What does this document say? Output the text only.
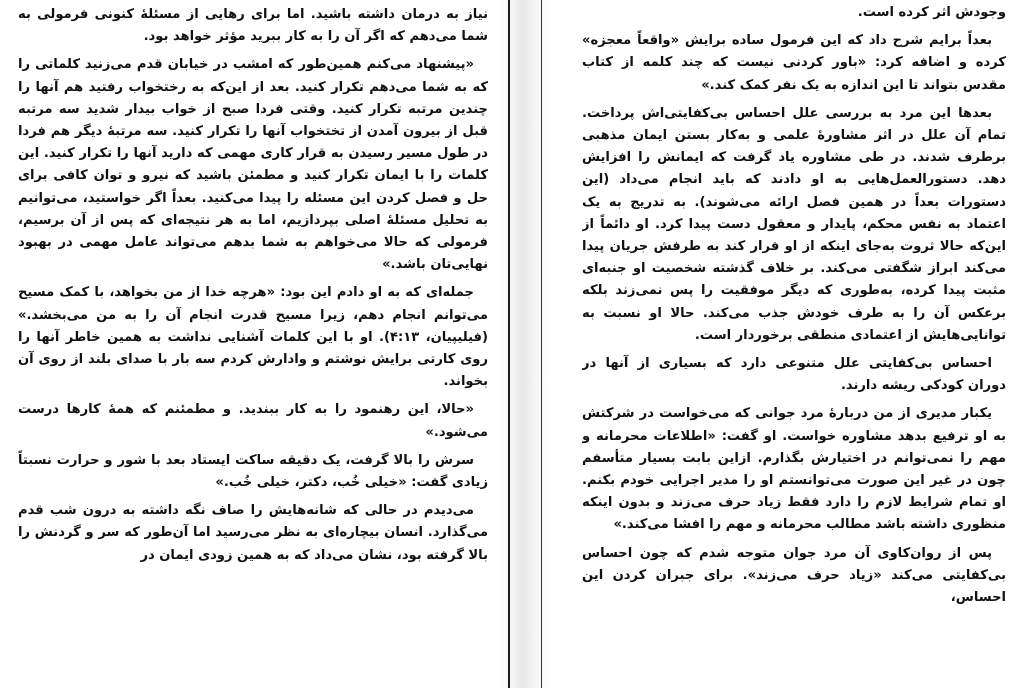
نیاز به درمان داشته باشید. اما برای رهایی از مسئلهٔ کنونی فرمولی به شما می‌دهم که اگر آن را به کار ببرید مؤثر خواهد بود.

«پیشنهاد می‌کنم همین‌طور که امشب در خیابان قدم می‌زنید کلماتی را که به شما می‌دهم تکرار کنید. بعد از این‌که به رختخواب رفتید هم آنها را چندین مرتبه تکرار کنید. وقتی فردا صبح از خواب بیدار شدید سه مرتبه قبل از بیرون آمدن از تختخواب آنها را تکرار کنید. سه مرتبهٔ دیگر هم فردا در طول مسیر رسیدن به قرار کاری مهمی که دارید آنها را تکرار کنید. این کلمات را با ایمان تکرار کنید و مطمئن باشید که نیرو و توان کافی برای حل و فصل کردن این مسئله را پیدا می‌کنید. بعداً اگر خواستید، می‌توانیم به تحلیل مسئلهٔ اصلی بپردازیم، اما به هر نتیجه‌ای که پس از آن برسیم، فرمولی که حالا می‌خواهم به شما بدهم می‌تواند عامل مهمی در بهبود نهایی‌تان باشد.»

جمله‌ای که به او دادم این بود: «هرچه خدا از من بخواهد، با کمک مسیح می‌توانم انجام دهم، زیرا مسیح قدرت انجام آن را به من می‌بخشد.» (فیلیپیان، ۴:۱۳). او با این کلمات آشنایی نداشت به همین خاطر آنها را روی کارتی برایش نوشتم و وادارش کردم سه بار با صدای بلند از روی آن بخواند.

«حالا، این رهنمود را به کار ببندید. و مطمئنم که همهٔ کارها درست می‌شود.»

سرش را بالا گرفت، یک دقیقه ساکت ایستاد بعد با شور و حرارت نسبتاً زیادی گفت: «خیلی خُب، دکتر، خیلی خُب.»

می‌دیدم در حالی که شانه‌هایش را صاف نگه داشته به درون شب قدم می‌گذارد. انسان بیچاره‌ای به نظر می‌رسید اما آن‌طور که سر و گردنش را بالا گرفته بود، نشان می‌داد که به همین زودی ایمان در

وجودش اثر کرده است.

بعداً برایم شرح داد که این فرمول ساده برایش «واقعاً معجزه» کرده و اضافه کرد: «باور کردنی نیست که چند کلمه از کتاب مقدس بتواند تا این اندازه به یک نفر کمک کند.»

بعدها این مرد به بررسی علل احساس بی‌کفایتی‌اش پرداخت. تمام آن علل در اثر مشاورهٔ علمی و به‌کار بستن ایمان مذهبی برطرف شدند. در طی مشاوره یاد گرفت که ایمانش را افزایش دهد. دستورالعمل‌هایی به او دادند که باید انجام می‌داد (این دستورات بعداً در همین فصل ارائه می‌شوند). به تدریج به یک اعتماد به نفس محکم، پایدار و معقول دست پیدا کرد. او دائماً از این‌که حالا ثروت به‌جای اینکه از او فرار کند به طرفش جریان پیدا می‌کند ابراز شگفتی می‌کند. بر خلاف گذشته شخصیت او جنبه‌ای مثبت پیدا کرده، به‌طوری که دیگر موفقیت را پس نمی‌زند بلکه برعکس آن را به طرف خودش جذب می‌کند. حالا او نسبت به توانایی‌هایش از اعتمادی منطقی برخوردار است.

احساس بی‌کفایتی علل متنوعی دارد که بسیاری از آنها در دوران کودکی ریشه دارند.

یکبار مدیری از من دربارهٔ مرد جوانی که می‌خواست در شرکتش به او ترفیع بدهد مشاوره خواست. او گفت: «اطلاعات محرمانه و مهم را نمی‌توانم در اختیارش بگذارم. ازاین بابت بسیار متأسفم چون در غیر این صورت می‌توانستم او را مدیر اجرایی خودم بکنم. او تمام شرایط لازم را دارد فقط زیاد حرف می‌زند و بدون اینکه منظوری داشته باشد مطالب محرمانه و مهم را افشا می‌کند.»

پس از روان‌کاوی آن مرد جوان متوجه شدم که چون احساس بی‌کفایتی می‌کند «زیاد حرف می‌زند». برای جبران کردن این احساس،
